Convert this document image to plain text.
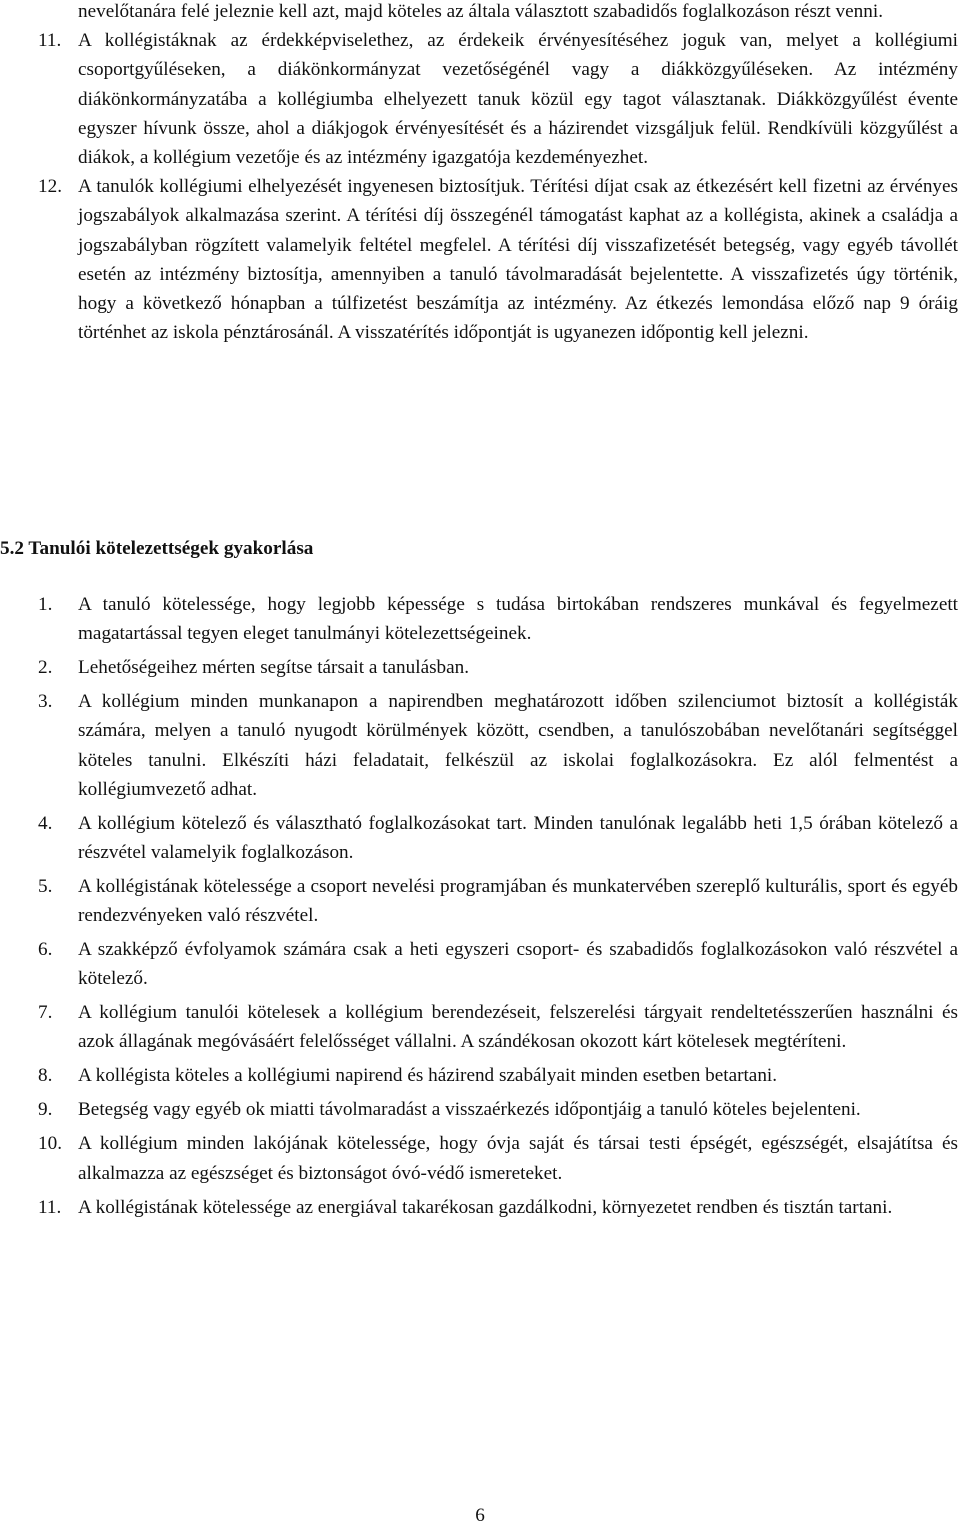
nevelőtanára felé jeleznie kell azt, majd köteles az általa választott szabadidős foglalkozáson részt venni.

11. A kollégistáknak az érdekképviselethez, az érdekeik érvényesítéséhez joguk van, melyet a kollégiumi csoportgyűléseken, a diákönkormányzat vezetőségénél vagy a diákközgyűléseken. Az intézmény diákönkormányzatába a kollégiumba elhelyezett tanuk közül egy tagot választanak. Diákközgyűlést évente egyszer hívunk össze, ahol a diákjogok érvényesítését és a házirendet vizsgáljuk felül. Rendkívüli közgyűlést a diákok, a kollégium vezetője és az intézmény igazgatója kezdeményezhet.

12. A tanulók kollégiumi elhelyezését ingyenesen biztosítjuk. Térítési díjat csak az étkezésért kell fizetni az érvényes jogszabályok alkalmazása szerint. A térítési díj összegénél támogatást kaphat az a kollégista, akinek a családja a jogszabályban rögzített valamelyik feltétel megfelel. A térítési díj visszafizetését betegség, vagy egyéb távollét esetén az intézmény biztosítja, amennyiben a tanuló távolmaradását bejelentette. A visszafizetés úgy történik, hogy a következő hónapban a túlfizetést beszámítja az intézmény. Az étkezés lemondása előző nap 9 óráig történhet az iskola pénztárosánál. A visszatérítés időpontját is ugyanezen időpontig kell jelezni.

5.2 Tanulói kötelezettségek gyakorlása
1. A tanuló kötelessége, hogy legjobb képessége s tudása birtokában rendszeres munkával és fegyelmezett magatartással tegyen eleget tanulmányi kötelezettségeinek.
2. Lehetőségeihez mérten segítse társait a tanulásban.
3. A kollégium minden munkanapon a napirendben meghatározott időben szilenciumot biztosít a kollégisták számára, melyen a tanuló nyugodt körülmények között, csendben, a tanulószobában nevelőtanári segítséggel köteles tanulni. Elkészíti házi feladatait, felkészül az iskolai foglalkozásokra. Ez alól felmentést a kollégiumvezető adhat.
4. A kollégium kötelező és választható foglalkozásokat tart. Minden tanulónak legalább heti 1,5 órában kötelező a részvétel valamelyik foglalkozáson.
5. A kollégistának kötelessége a csoport nevelési programjában és munkatervében szereplő kulturális, sport és egyéb rendezvényeken való részvétel.
6. A szakképző évfolyamok számára csak a heti egyszeri csoport- és szabadidős foglalkozásokon való részvétel a kötelező.
7. A kollégium tanulói kötelesek a kollégium berendezéseit, felszerelési tárgyait rendeltetésszerűen használni és azok állagának megóvásáért felelősséget vállalni. A szándékosan okozott kárt kötelesek megtéríteni.
8. A kollégista köteles a kollégiumi napirend és házirend szabályait minden esetben betartani.
9. Betegség vagy egyéb ok miatti távolmaradást a visszaérkezés időpontjáig a tanuló köteles bejelenteni.
10. A kollégium minden lakójának kötelessége, hogy óvja saját és társai testi épségét, egészségét, elsajátítsa és alkalmazza az egészséget és biztonságot óvó-védő ismereteket.
11. A kollégistának kötelessége az energiával takarékosan gazdálkodni, környezetet rendben és tisztán tartani.

6
